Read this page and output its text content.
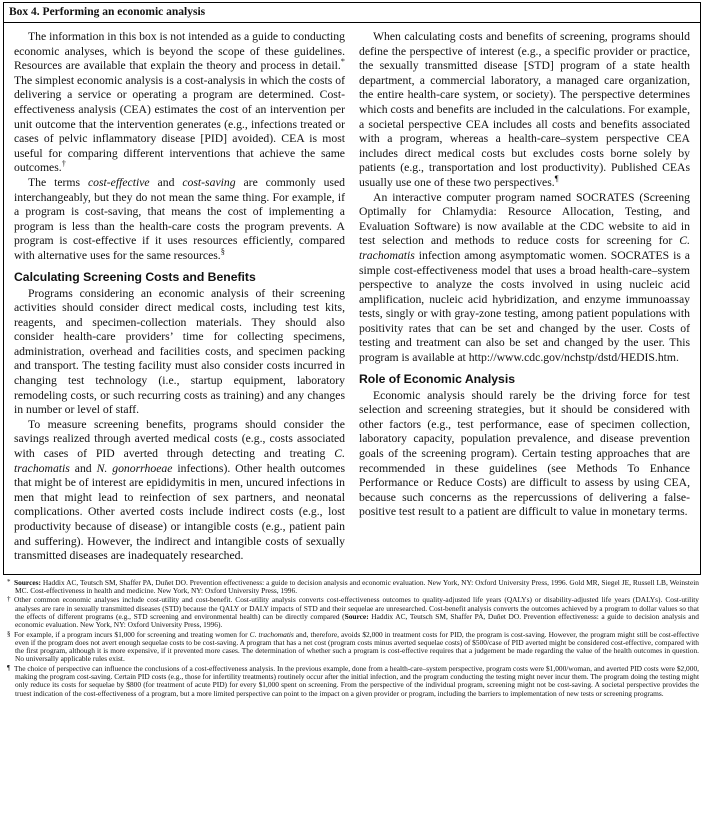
Box 4. Performing an economic analysis

The information in this box is not intended as a guide to conducting economic analyses, which is beyond the scope of these guidelines. Resources are available that explain the theory and process in detail.* The simplest economic analysis is a cost-analysis in which the costs of delivering a service or operating a program are determined. Cost-effectiveness analysis (CEA) estimates the cost of an intervention per unit outcome that the intervention generates (e.g., infections treated or cases of pelvic inflammatory disease [PID] avoided). CEA is most useful for comparing different interventions that achieve the same outcomes.†

The terms cost-effective and cost-saving are commonly used interchangeably, but they do not mean the same thing. For example, if a program is cost-saving, that means the cost of implementing a program is less than the health-care costs the program prevents. A program is cost-effective if it uses resources efficiently, compared with alternative uses for the same resources.§

Calculating Screening Costs and Benefits

Programs considering an economic analysis of their screening activities should consider direct medical costs, including test kits, reagents, and specimen-collection materials. They should also consider health-care providers’ time for collecting specimens, administration, overhead and facilities costs, and specimen packing and transport. The testing facility must also consider costs incurred in changing test technology (i.e., startup equipment, laboratory remodeling costs, or such recurring costs as training) and any changes in number or level of staff.

To measure screening benefits, programs should consider the savings realized through averted medical costs (e.g., costs associated with cases of PID averted through detecting and treating C. trachomatis and N. gonorrhoeae infections). Other health outcomes that might be of interest are epididymitis in men, uncured infections in men that might lead to reinfection of sex partners, and neonatal complications. Other averted costs include indirect costs (e.g., lost productivity because of disease) or intangible costs (e.g., patient pain and suffering). However, the indirect and intangible costs of sexually transmitted diseases are inadequately researched.

When calculating costs and benefits of screening, programs should define the perspective of interest (e.g., a specific provider or practice, the sexually transmitted disease [STD] program of a state health department, a commercial laboratory, a managed care organization, the entire health-care system, or society). The perspective determines which costs and benefits are included in the calculations. For example, a societal perspective CEA includes all costs and benefits associated with a program, whereas a health-care–system perspective CEA includes direct medical costs but excludes costs borne solely by patients (e.g., transportation and lost productivity). Published CEAs usually use one of these two perspectives.¶

An interactive computer program named SOCRATES (Screening Optimally for Chlamydia: Resource Allocation, Testing, and Evaluation Software) is now available at the CDC website to aid in test selection and methods to reduce costs for screening for C. trachomatis infection among asymptomatic women. SOCRATES is a simple cost-effectiveness model that uses a broad health-care–system perspective to analyze the costs involved in using nucleic acid amplification, nucleic acid hybridization, and enzyme immunoassay tests, singly or with gray-zone testing, among patient populations with positivity rates that can be set and changed by the user. Costs of testing and treatment can also be set and changed by the user. This program is available at http://www.cdc.gov/nchstp/dstd/HEDIS.htm.

Role of Economic Analysis

Economic analysis should rarely be the driving force for test selection and screening strategies, but it should be considered with other factors (e.g., test performance, ease of specimen collection, laboratory capacity, population prevalence, and disease prevention goals of the screening program). Certain testing approaches that are recommended in these guidelines (see Methods To Enhance Performance or Reduce Costs) are difficult to assess by using CEA, because such concerns as the repercussions of delivering a false-positive test result to a patient are difficult to value in monetary terms.

* Sources: Haddix AC, Teutsch SM, Shaffer PA, Duñet DO. Prevention effectiveness: a guide to decision analysis and economic evaluation. New York, NY: Oxford University Press, 1996. Gold MR, Siegel JE, Russell LB, Weinstein MC. Cost-effectiveness in health and medicine. New York, NY: Oxford University Press, 1996.

† Other common economic analyses include cost-utility and cost-benefit. Cost-utility analysis converts cost-effectiveness outcomes to quality-adjusted life years (QALYs) or disability-adjusted life years (DALYs). Cost-utility analyses are rare in sexually transmitted diseases (STD) because the QALY or DALY impacts of STD and their sequelae are unresearched. Cost-benefit analysis converts the outcomes achieved by a program to dollar values so that the effects of different programs (e.g., STD screening and environmental health) can be directly compared (Source: Haddix AC, Teutsch SM, Shaffer PA, Duñet DO. Prevention effectiveness: a guide to decision analysis and economic evaluation. New York, NY: Oxford University Press, 1996).

§ For example, if a program incurs $1,000 for screening and treating women for C. trachomatis and, therefore, avoids $2,000 in treatment costs for PID, the program is cost-saving. However, the program might still be cost-effective even if the program does not avert enough sequelae costs to be cost-saving. A program that has a net cost (program costs minus averted sequelae costs) of $500/case of PID averted might be considered cost-effective, compared with the first program, although it is more expensive, if it prevented more cases. The determination of whether such a program is cost-effective requires that a judgement be made regarding the value of the health outcomes in question. No universally applicable rules exist.

¶ The choice of perspective can influence the conclusions of a cost-effectiveness analysis. In the previous example, done from a health-care–system perspective, program costs were $1,000/woman, and averted PID costs were $2,000, making the program cost-saving. Certain PID costs (e.g., those for infertility treatments) routinely occur after the initial infection, and the program conducting the testing might never incur them. The program doing the testing might only reduce its costs for sequelae by $800 (for treatment of acute PID) for every $1,000 spent on screening. From the perspective of the individual program, screening might not be cost-saving. A societal perspective provides the truest indication of the cost-effectiveness of a program, but a more limited perspective can point to the impact on a given provider or program, including the barriers to implementation of new tests or screening programs.
